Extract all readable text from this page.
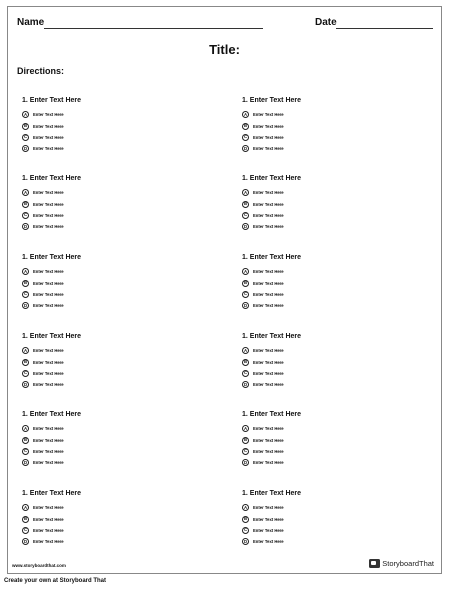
Name	Date
Title:
Directions:
1. Enter Text Here
A	Enter Text Here
B	Enter Text Here
C	Enter Text Here
D	Enter Text Here
1. Enter Text Here
A	Enter Text Here
B	Enter Text Here
C	Enter Text Here
D	Enter Text Here
1. Enter Text Here
A	Enter Text Here
B	Enter Text Here
C	Enter Text Here
D	Enter Text Here
1. Enter Text Here
A	Enter Text Here
B	Enter Text Here
C	Enter Text Here
D	Enter Text Here
1. Enter Text Here
A	Enter Text Here
B	Enter Text Here
C	Enter Text Here
D	Enter Text Here
1. Enter Text Here
A	Enter Text Here
B	Enter Text Here
C	Enter Text Here
D	Enter Text Here
1. Enter Text Here
A	Enter Text Here
B	Enter Text Here
C	Enter Text Here
D	Enter Text Here
1. Enter Text Here
A	Enter Text Here
B	Enter Text Here
C	Enter Text Here
D	Enter Text Here
1. Enter Text Here
A	Enter Text Here
B	Enter Text Here
C	Enter Text Here
D	Enter Text Here
1. Enter Text Here
A	Enter Text Here
B	Enter Text Here
C	Enter Text Here
D	Enter Text Here
1. Enter Text Here
A	Enter Text Here
B	Enter Text Here
C	Enter Text Here
D	Enter Text Here
1. Enter Text Here
A	Enter Text Here
B	Enter Text Here
C	Enter Text Here
D	Enter Text Here
www.storyboardthat.com	StoryboardThat
Create your own at Storyboard That
